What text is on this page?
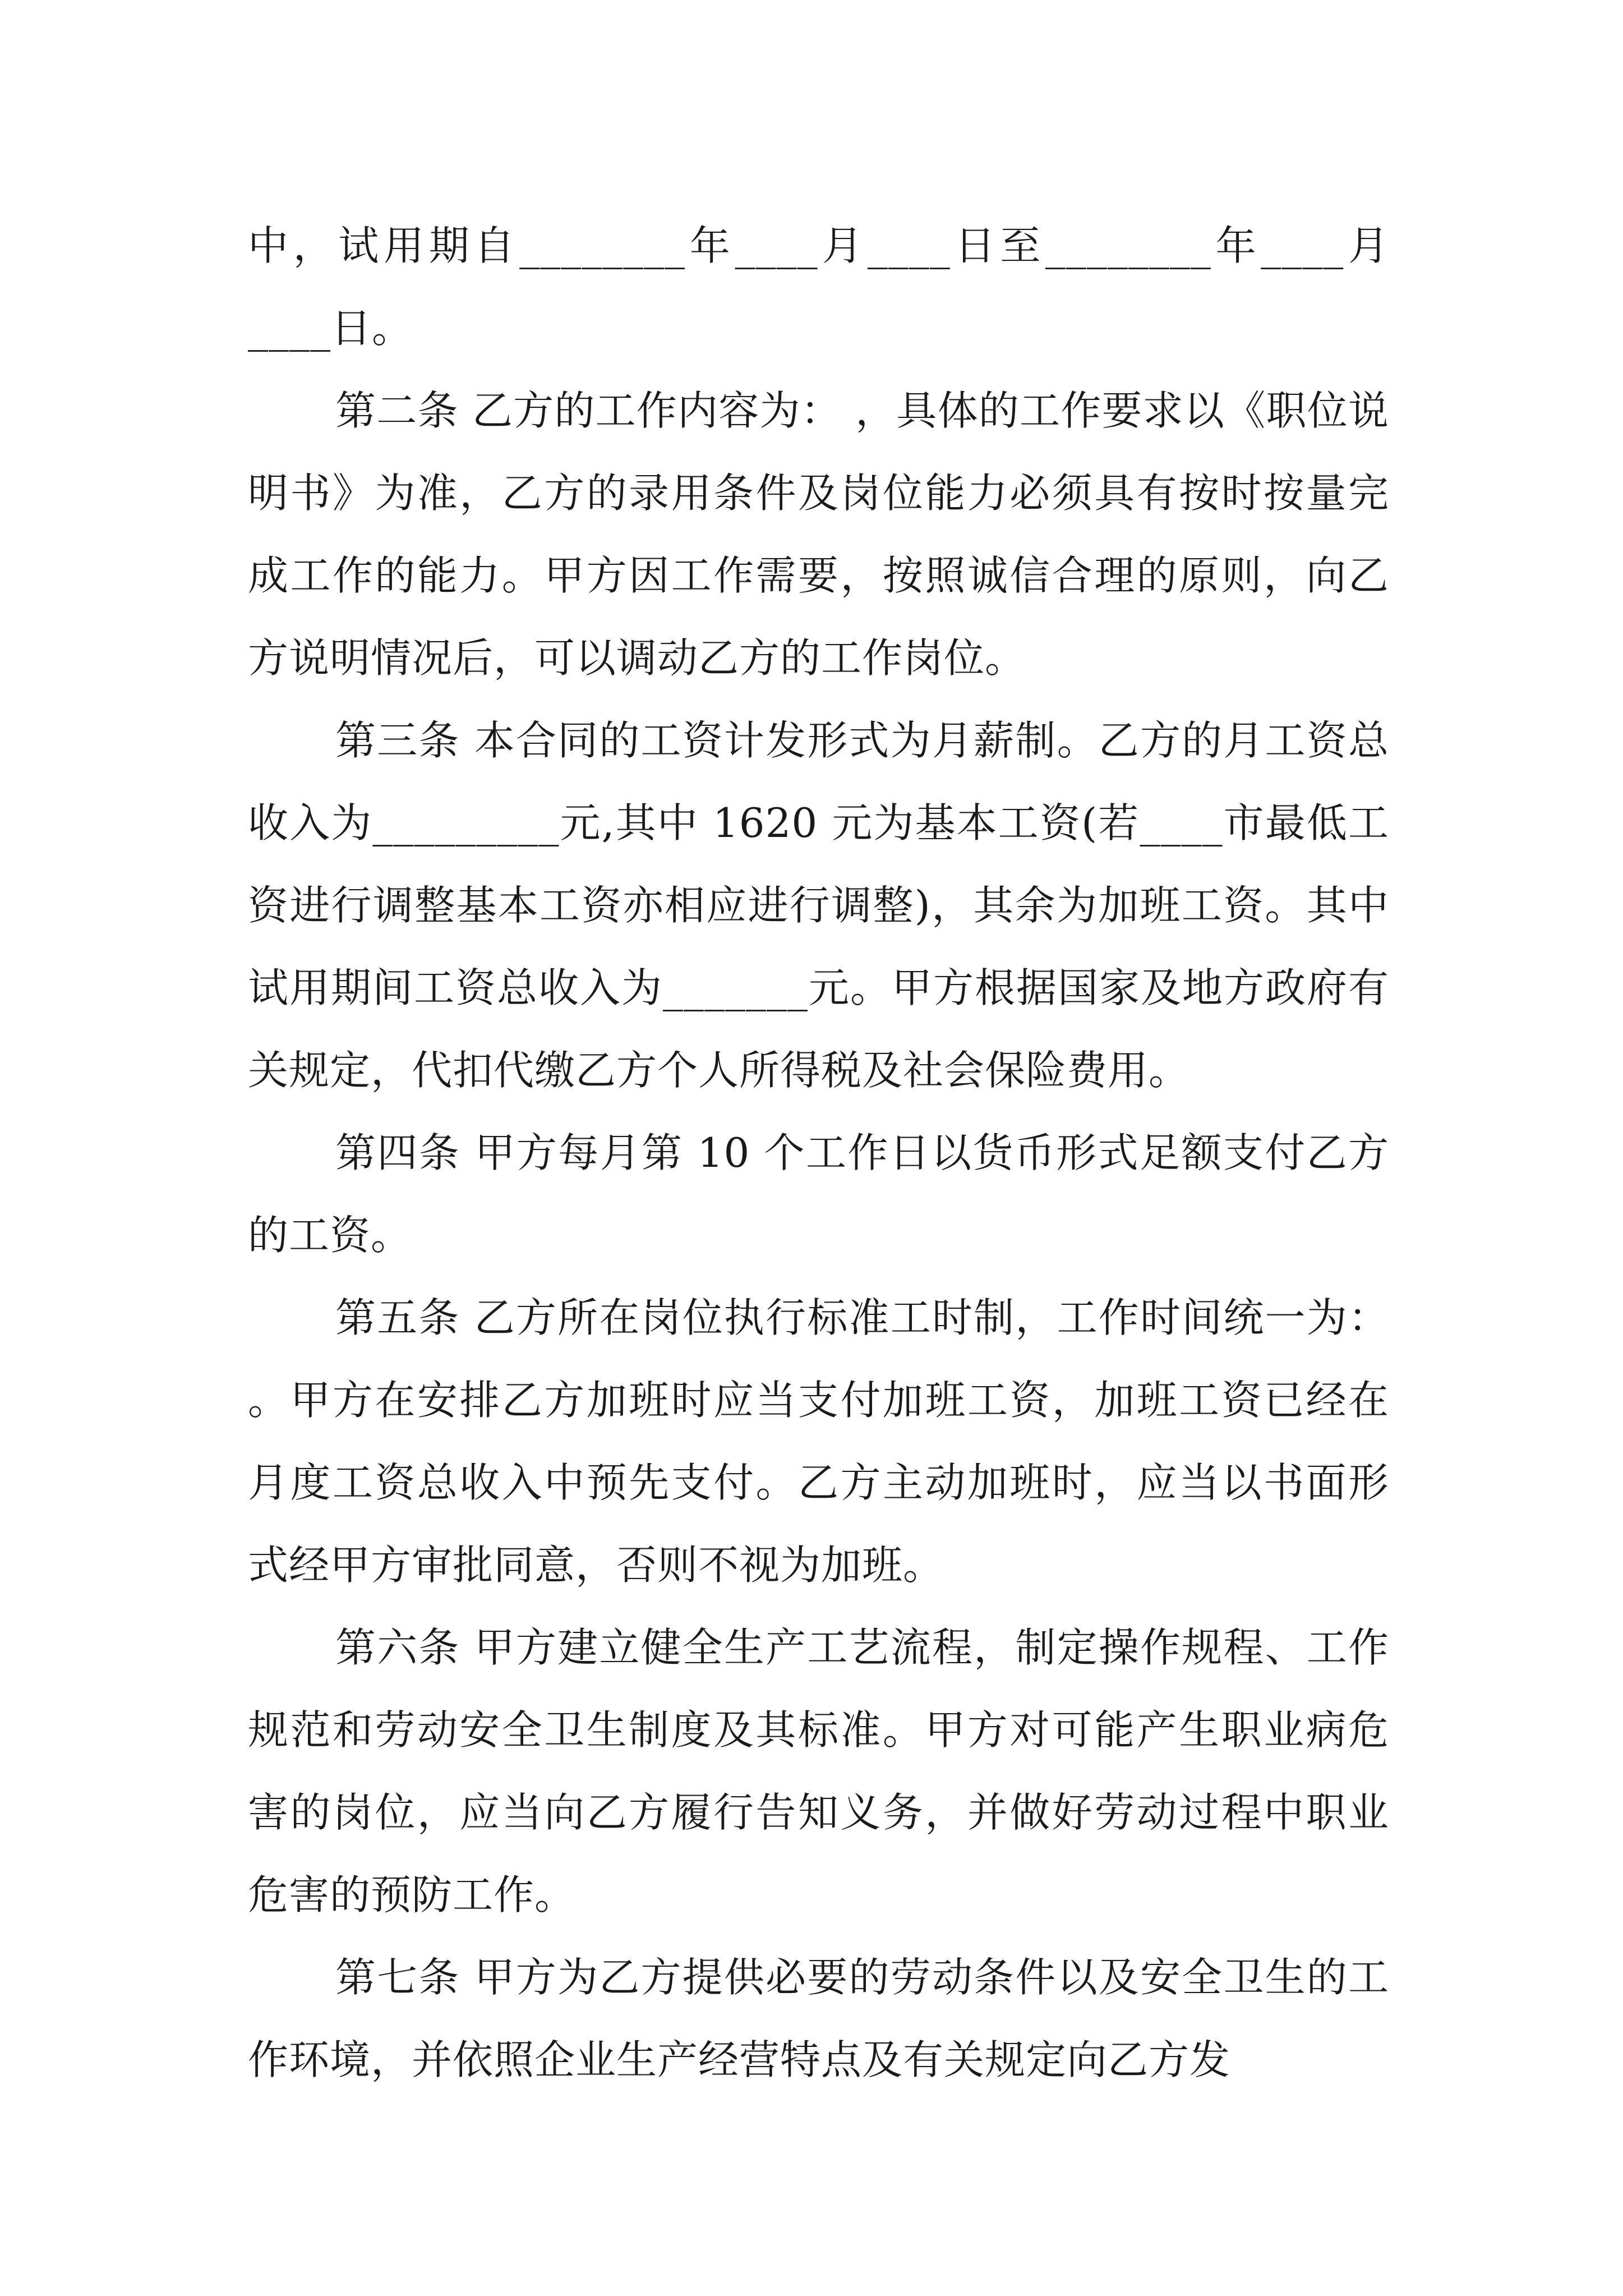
中，试用期自________年____月____日至________年____月____日。

第二条 乙方的工作内容为： ，具体的工作要求以《职位说明书》为准，乙方的录用条件及岗位能力必须具有按时按量完成工作的能力。甲方因工作需要，按照诚信合理的原则，向乙方说明情况后，可以调动乙方的工作岗位。

第三条 本合同的工资计发形式为月薪制。乙方的月工资总收入为_________元,其中 1620 元为基本工资(若____市最低工资进行调整基本工资亦相应进行调整)，其余为加班工资。其中试用期间工资总收入为_______元。甲方根据国家及地方政府有关规定，代扣代缴乙方个人所得税及社会保险费用。

第四条 甲方每月第 10 个工作日以货币形式足额支付乙方的工资。

第五条 乙方所在岗位执行标准工时制，工作时间统一为： 。甲方在安排乙方加班时应当支付加班工资，加班工资已经在月度工资总收入中预先支付。乙方主动加班时，应当以书面形式经甲方审批同意，否则不视为加班。

第六条 甲方建立健全生产工艺流程，制定操作规程、工作规范和劳动安全卫生制度及其标准。甲方对可能产生职业病危害的岗位，应当向乙方履行告知义务，并做好劳动过程中职业危害的预防工作。

第七条 甲方为乙方提供必要的劳动条件以及安全卫生的工作环境，并依照企业生产经营特点及有关规定向乙方发
